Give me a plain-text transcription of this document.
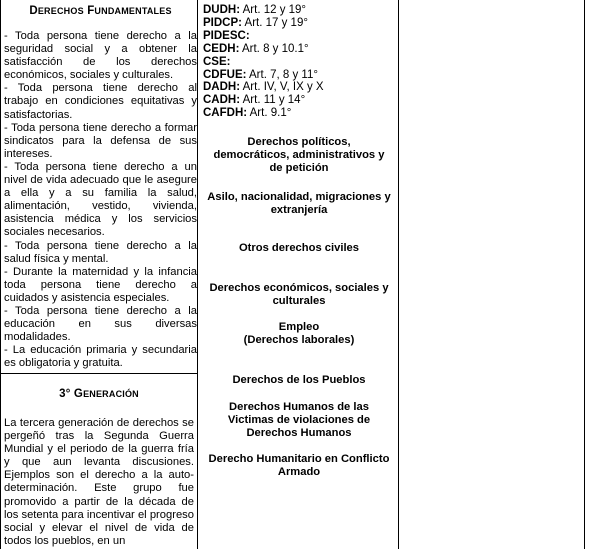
DERECHOS FUNDAMENTALES
- Toda persona tiene derecho a la seguridad social y a obtener la satisfacción de los derechos económicos, sociales y culturales.
- Toda persona tiene derecho al trabajo en condiciones equitativas y satisfactorias.
- Toda persona tiene derecho a formar sindicatos para la defensa de sus intereses.
- Toda persona tiene derecho a un nivel de vida adecuado que le asegure a ella y a su familia la salud, alimentación, vestido, vivienda, asistencia médica y los servicios sociales necesarios.
- Toda persona tiene derecho a la salud física y mental.
- Durante la maternidad y la infancia toda persona tiene derecho a cuidados y asistencia especiales.
- Toda persona tiene derecho a la educación en sus diversas modalidades.
- La educación primaria y secundaria es obligatoria y gratuita.
3° GENERACIÓN
La tercera generación de derechos se pergeñó tras la Segunda Guerra Mundial y el periodo de la guerra fría y que aun levanta discusiones. Ejemplos son el derecho a la auto-determinación. Este grupo fue promovido a partir de la década de los setenta para incentivar el progreso social y elevar el nivel de vida de todos los pueblos, en un
DUDH: Art. 12 y 19°
PIDCP: Art. 17 y 19°
PIDESC:
CEDH: Art. 8 y 10.1°
CSE:
CDFUE: Art. 7, 8 y 11°
DADH: Art. IV, V, IX y X
CADH: Art. 11 y 14°
CAFDH: Art. 9.1°
Derechos políticos, democráticos, administrativos y de petición
Asilo, nacionalidad, migraciones y extranjería
Otros derechos civiles
Derechos económicos, sociales y culturales
Empleo
(Derechos laborales)
Derechos de los Pueblos
Derechos Humanos de las Victimas de violaciones de Derechos Humanos
Derecho Humanitario en Conflicto Armado
